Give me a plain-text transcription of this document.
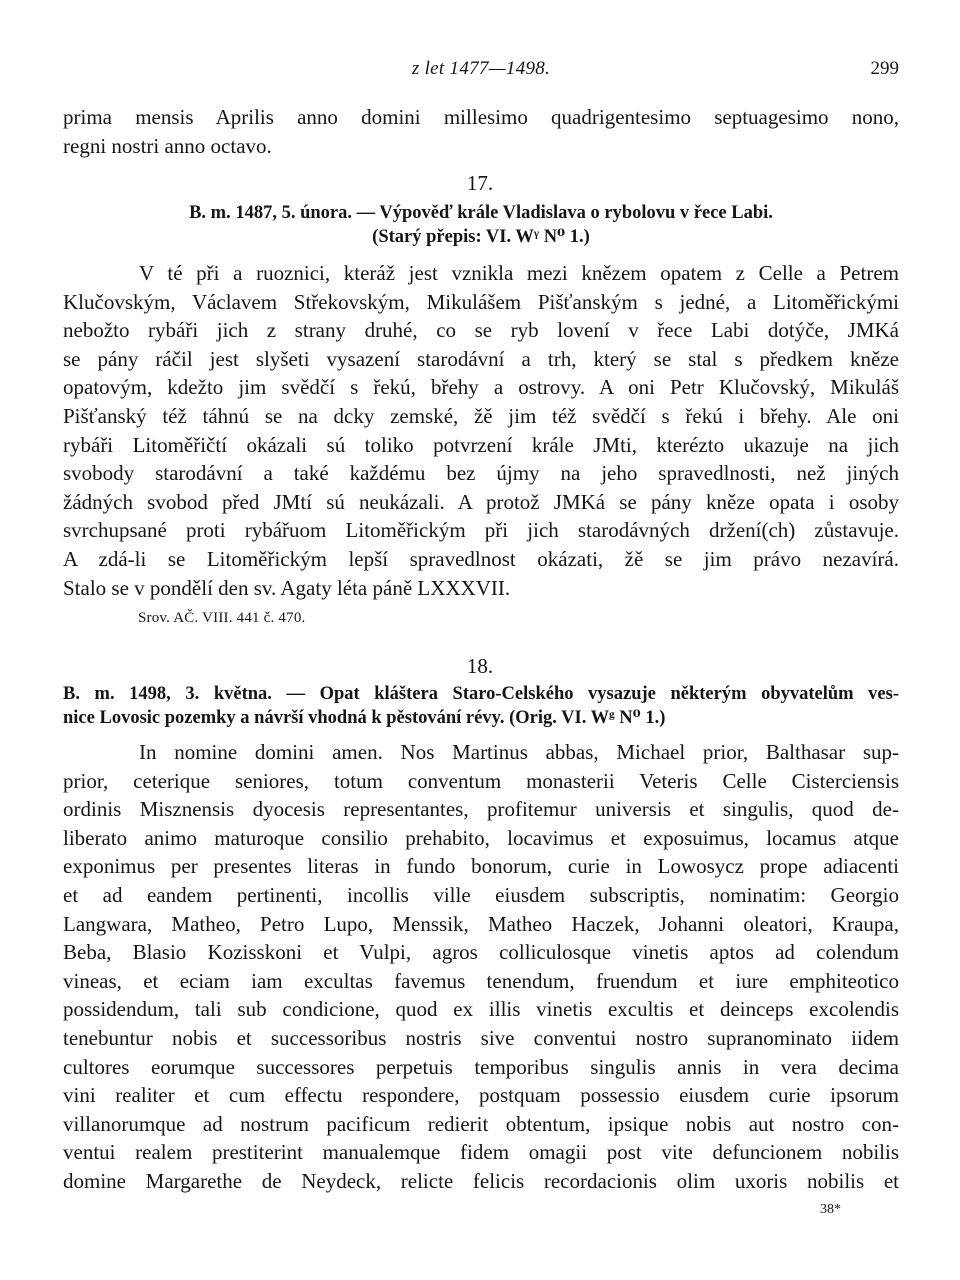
z let 1477—1498.	299
prima mensis Aprilis anno domini millesimo quadrigentesimo septuagesimo nono,
regni nostri anno octavo.
17.
B. m. 1487, 5. února. — Výpověď krále Vladislava o rybolovu v řece Labi.
(Starý přepis: VI. Wᵞ N⁰ 1.)
V té při a ruoznici, kteráž jest vznikla mezi knězem opatem z Celle a Petrem
Klučovským, Václavem Střekovským, Mikulášem Pišťanským s jedné, a Litoměřickými
nebožto rybáři jich z strany druhé, co se ryb lovení v řece Labi dotýče, JMKá
se pány ráčil jest slyšeti vysazení starodávní a trh, který se stal s předkem kněze
opatovým, kdežto jim svědčí s řekú, břehy a ostrovy. A oni Petr Klučovský, Mikuláš
Pišťanský též táhnú se na dcky zemské, žě jim též svědčí s řekú i břehy. Ale oni
rybáři Litoměřičtí okázali sú toliko potvrzení krále JMti, kterézto ukazuje na jich
svobody starodávní a také každému bez újmy na jeho spravedlnosti, než jiných
žádných svobod před JMtí sú neukázali. A protož JMKá se pány kněze opata i osoby
svrchupsané proti rybářuom Litoměřickým při jich starodávných držení(ch) zůstavuje.
A zdá-li se Litoměřickým lepší spravedlnost okázati, žě se jim právo nezavírá.
Stalo se v pondělí den sv. Agaty léta páně LXXXVII.
Srov. AČ. VIII. 441 č. 470.
18.
B. m. 1498, 3. května. — Opat kláštera Staro-Celského vysazuje některým obyvatelům ves-
nice Lovosic pozemky a návrší vhodná k pěstování révy. (Orig. VI. Wᵍ N⁰ 1.)
In nomine domini amen. Nos Martinus abbas, Michael prior, Balthasar sup-
prior, ceterique seniores, totum conventum monasterii Veteris Celle Cisterciensis
ordinis Misznensis dyocesis representantes, profitemur universis et singulis, quod de-
liberato animo maturoque consilio prehabito, locavimus et exposuimus, locamus atque
exponimus per presentes literas in fundo bonorum, curie in Lowosycz prope adiacenti
et ad eandem pertinenti, incollis ville eiusdem subscriptis, nominatim: Georgio
Langwara, Matheo, Petro Lupo, Menssik, Matheo Haczek, Johanni oleatori, Kraupa,
Beba, Blasio Kozisskoni et Vulpi, agros colliculosque vinetis aptos ad colendum
vineas, et eciam iam excultas favemus tenendum, fruendum et iure emphiteotico
possidendum, tali sub condicione, quod ex illis vinetis excultis et deinceps excolendis
tenebuntur nobis et successoribus nostris sive conventui nostro supranominato iidem
cultores eorumque successores perpetuis temporibus singulis annis in vera decima
vini realiter et cum effectu respondere, postquam possessio eiusdem curie ipsorum
villanorumque ad nostrum pacificum redierit obtentum, ipsique nobis aut nostro con-
ventui realem prestiterint manualemque fidem omagii post vite defuncionem nobilis
domine Margarethe de Neydeck, relicte felicis recordacionis olim uxoris nobilis et
38*
